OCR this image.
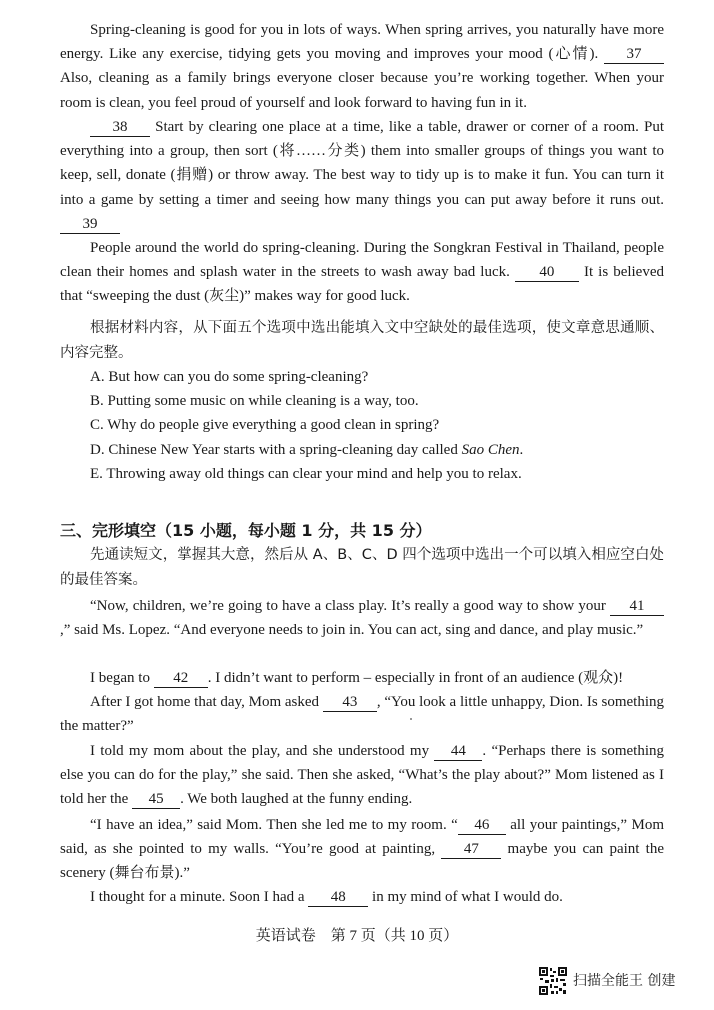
Spring-cleaning is good for you in lots of ways. When spring arrives, you naturally have more energy. Like any exercise, tidying gets you moving and improves your mood (心情). 37 Also, cleaning as a family brings everyone closer because you’re working together. When your room is clean, you feel proud of yourself and look forward to having fun in it.

38 Start by clearing one place at a time, like a table, drawer or corner of a room. Put everything into a group, then sort (将……分类) them into smaller groups of things you want to keep, sell, donate (捐赠) or throw away. The best way to tidy up is to make it fun. You can turn it into a game by setting a timer and seeing how many things you can put away before it runs out. 39

People around the world do spring-cleaning. During the Songkran Festival in Thailand, people clean their homes and splash water in the streets to wash away bad luck. 40 It is believed that “sweeping the dust (灰尘)” makes way for good luck.

根据材料内容，从下面五个选项中选出能填入文中空缺处的最佳选项，使文章意思通顺、内容完整。

A. But how can you do some spring-cleaning?

B. Putting some music on while cleaning is a way, too.

C. Why do people give everything a good clean in spring?

D. Chinese New Year starts with a spring-cleaning day called Sao Chen.

E. Throwing away old things can clear your mind and help you to relax.

三、完形填空（15 小题，每小题 1 分，共 15 分）

先通读短文，掌握其大意，然后从 A、B、C、D 四个选项中选出一个可以填入相应空白处的最佳答案。

“Now, children, we’re going to have a class play. It’s really a good way to show your 41,” said Ms. Lopez. “And everyone needs to join in. You can act, sing and dance, and play music.”

I began to 42 . I didn’t want to perform – especially in front of an audience (观众)!

After I got home that day, Mom asked 43 , “You look a little unhappy, Dion. Is something the matter?”

I told my mom about the play, and she understood my 44 . “Perhaps there is something else you can do for the play,” she said. Then she asked, “What’s the play about?” Mom listened as I told her the 45 . We both laughed at the funny ending.

“I have an idea,” said Mom. Then she led me to my room. “ 46 all your paintings,” Mom said, as she pointed to my walls. “You’re good at painting, 47 maybe you can paint the scenery (舞台布景).”

I thought for a minute. Soon I had a 48 in my mind of what I would do.

英语试卷　第 7 页（共 10 页）
扫描全能王 创建
